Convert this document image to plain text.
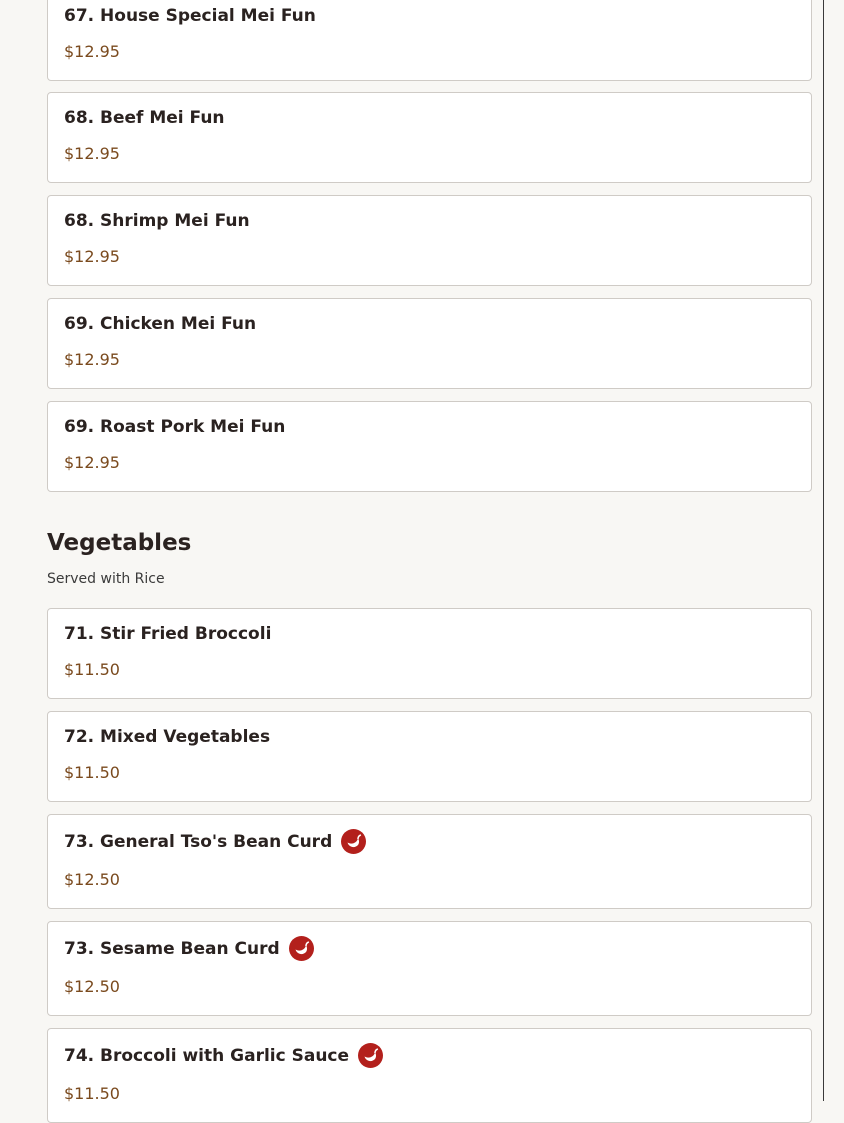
67. House Special Mei Fun
$12.95
68. Beef Mei Fun
$12.95
68. Shrimp Mei Fun
$12.95
69. Chicken Mei Fun
$12.95
69. Roast Pork Mei Fun
$12.95
Vegetables
Served with Rice
71. Stir Fried Broccoli
$11.50
72. Mixed Vegetables
$11.50
73. General Tso's Bean Curd
$12.50
73. Sesame Bean Curd
$12.50
74. Broccoli with Garlic Sauce
$11.50
